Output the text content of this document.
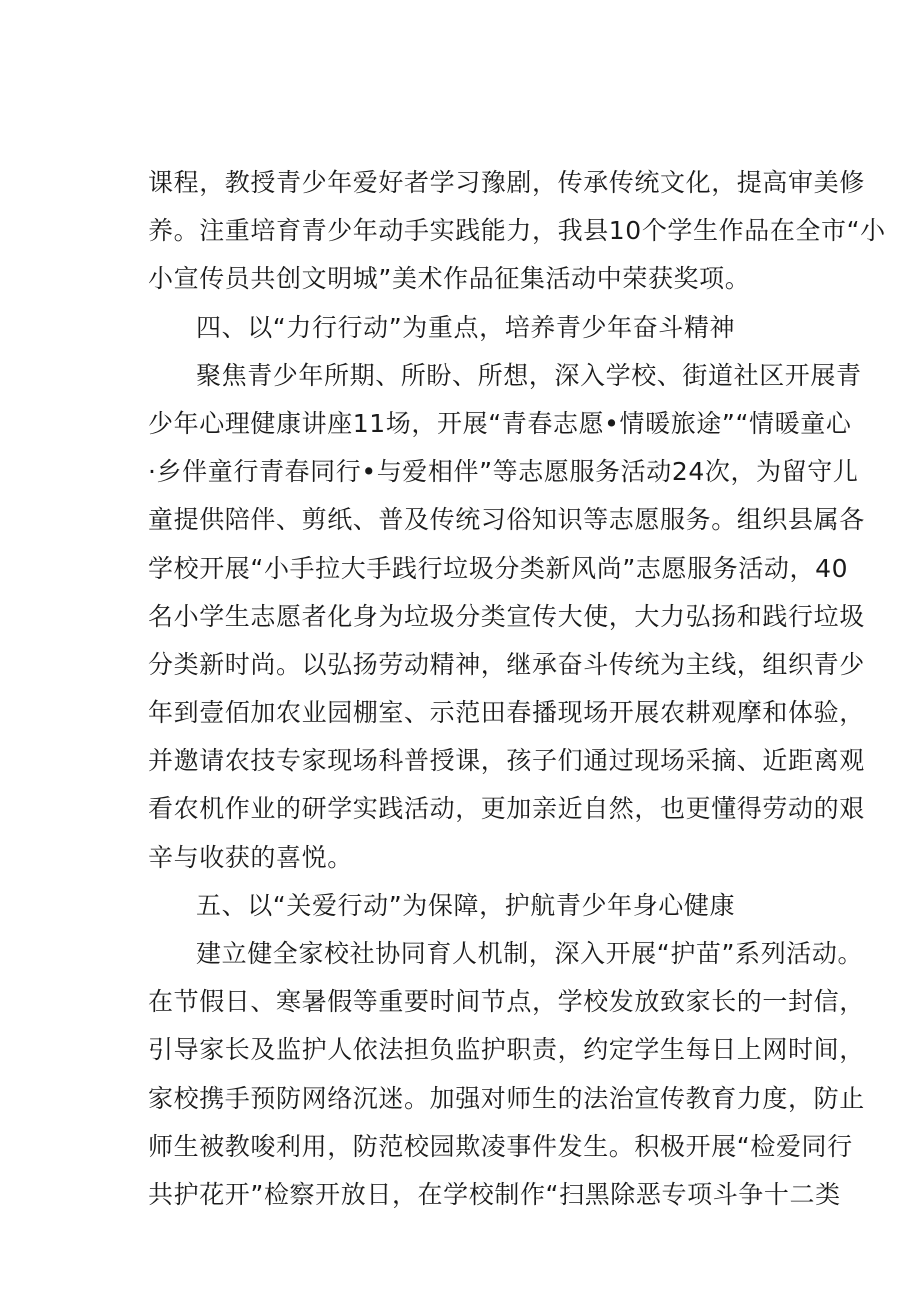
课程，教授青少年爱好者学习豫剧，传承传统文化，提高审美修
养。注重培育青少年动手实践能力，我县10个学生作品在全市“小
小宣传员共创文明城”美术作品征集活动中荣获奖项。
四、以“力行行动”为重点，培养青少年奋斗精神
聚焦青少年所期、所盼、所想，深入学校、街道社区开展青
少年心理健康讲座11场，开展“青春志愿•情暖旅途”“情暖童心
·乡伴童行青春同行•与爱相伴”等志愿服务活动24次，为留守儿
童提供陪伴、剪纸、普及传统习俗知识等志愿服务。组织县属各
学校开展“小手拉大手践行垃圾分类新风尚”志愿服务活动，40
名小学生志愿者化身为垃圾分类宣传大使，大力弘扬和践行垃圾
分类新时尚。以弘扬劳动精神，继承奋斗传统为主线，组织青少
年到壹佰加农业园棚室、示范田春播现场开展农耕观摩和体验，
并邀请农技专家现场科普授课，孩子们通过现场采摘、近距离观
看农机作业的研学实践活动，更加亲近自然，也更懂得劳动的艰
辛与收获的喜悦。
五、以“关爱行动”为保障，护航青少年身心健康
建立健全家校社协同育人机制，深入开展“护苗”系列活动。
在节假日、寒暑假等重要时间节点，学校发放致家长的一封信，
引导家长及监护人依法担负监护职责，约定学生每日上网时间，
家校携手预防网络沉迷。加强对师生的法治宣传教育力度，防止
师生被教唆利用，防范校园欺凌事件发生。积极开展“检爱同行
共护花开”检察开放日，在学校制作“扫黑除恶专项斗争十二类
